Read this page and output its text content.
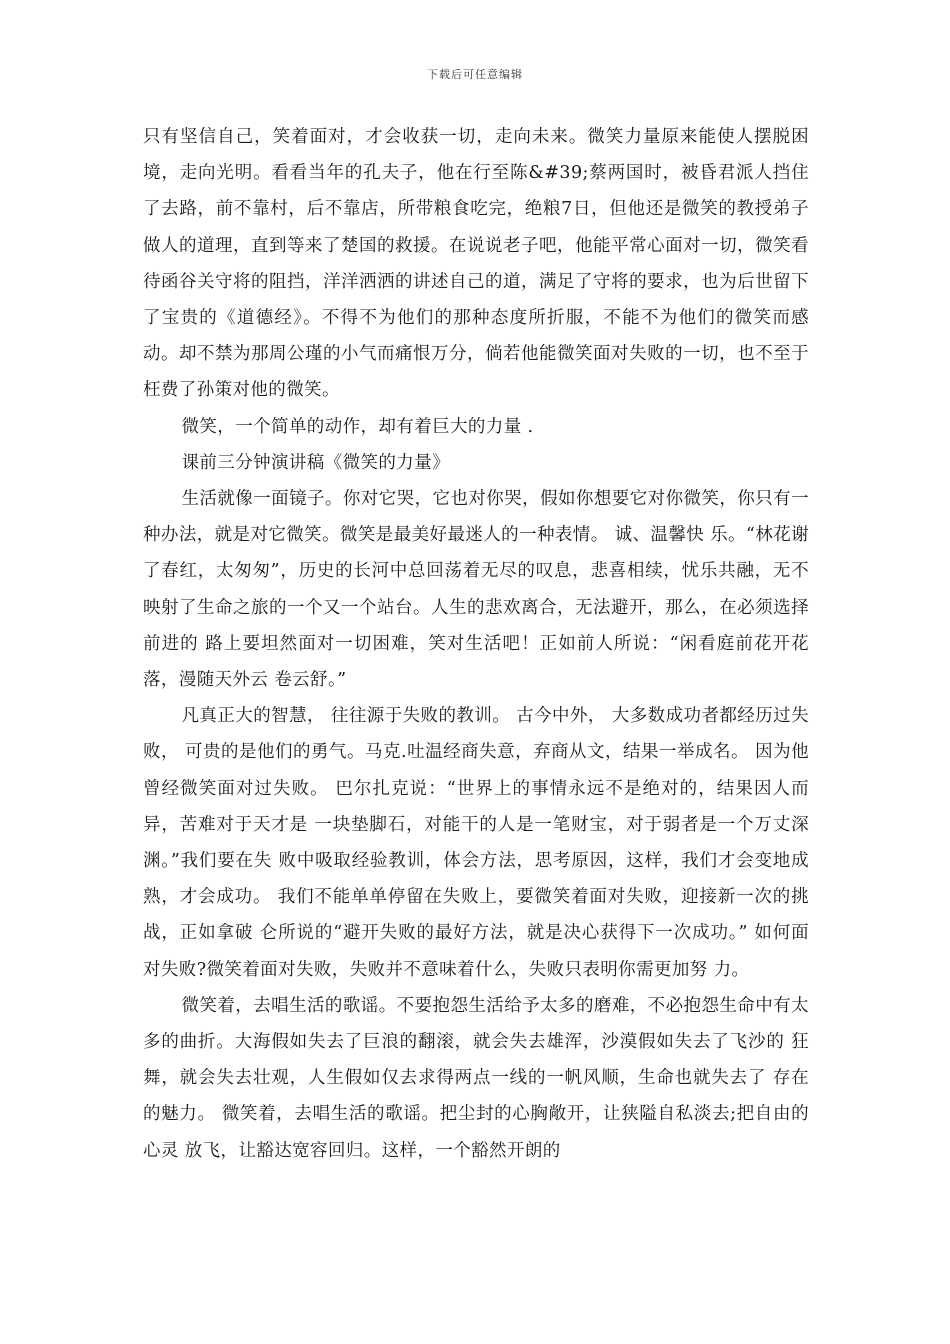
下载后可任意编辑

只有坚信自己，笑着面对，才会收获一切，走向未来。微笑力量原来能使人摆脱困境，走向光明。看看当年的孔夫子，他在行至陈&#39;蔡两国时，被昏君派人挡住了去路，前不靠村，后不靠店，所带粮食吃完，绝粮7日，但他还是微笑的教授弟子做人的道理，直到等来了楚国的救援。在说说老子吧，他能平常心面对一切，微笑看待函谷关守将的阻挡，洋洋洒洒的讲述自己的道，满足了守将的要求，也为后世留下了宝贵的《道德经》。不得不为他们的那种态度所折服，不能不为他们的微笑而感动。却不禁为那周公瑾的小气而痛恨万分，倘若他能微笑面对失败的一切，也不至于枉费了孙策对他的微笑。

微笑，一个简单的动作，却有着巨大的力量 .

课前三分钟演讲稿《微笑的力量》

生活就像一面镜子。你对它哭，它也对你哭，假如你想要它对你微笑，你只有一 种办法，就是对它微笑。微笑是最美好最迷人的一种表情。 诚、温馨快 乐。“林花谢了春红，太匆匆”，历史的长河中总回荡着无尽的叹息，悲喜相续，忧乐共融，无不 映射了生命之旅的一个又一个站台。人生的悲欢离合，无法避开，那么，在必须选择前进的 路上要坦然面对一切困难，笑对生活吧！正如前人所说：“闲看庭前花开花落，漫随天外云 卷云舒。”

凡真正大的智慧， 往往源于失败的教训。 古今中外， 大多数成功者都经历过失败， 可贵的是他们的勇气。马克.吐温经商失意，弃商从文，结果一举成名。 因为他曾经微笑面对过失败。 巴尔扎克说：“世界上的事情永远不是绝对的，结果因人而异，苦难对于天才是 一块垫脚石，对能干的人是一笔财宝，对于弱者是一个万丈深渊。”我们要在失 败中吸取经验教训，体会方法，思考原因，这样，我们才会变地成熟，才会成功。 我们不能单单停留在失败上，要微笑着面对失败，迎接新一次的挑战，正如拿破 仑所说的“避开失败的最好方法，就是决心获得下一次成功。” 如何面对失败?微笑着面对失败，失败并不意味着什么，失败只表明你需更加努 力。

微笑着，去唱生活的歌谣。不要抱怨生活给予太多的磨难，不必抱怨生命中有太 多的曲折。大海假如失去了巨浪的翻滚，就会失去雄浑，沙漠假如失去了飞沙的 狂舞，就会失去壮观，人生假如仅去求得两点一线的一帆风顺，生命也就失去了 存在的魅力。 微笑着，去唱生活的歌谣。把尘封的心胸敞开，让狭隘自私淡去;把自由的心灵 放飞，让豁达宽容回归。这样，一个豁然开朗的
